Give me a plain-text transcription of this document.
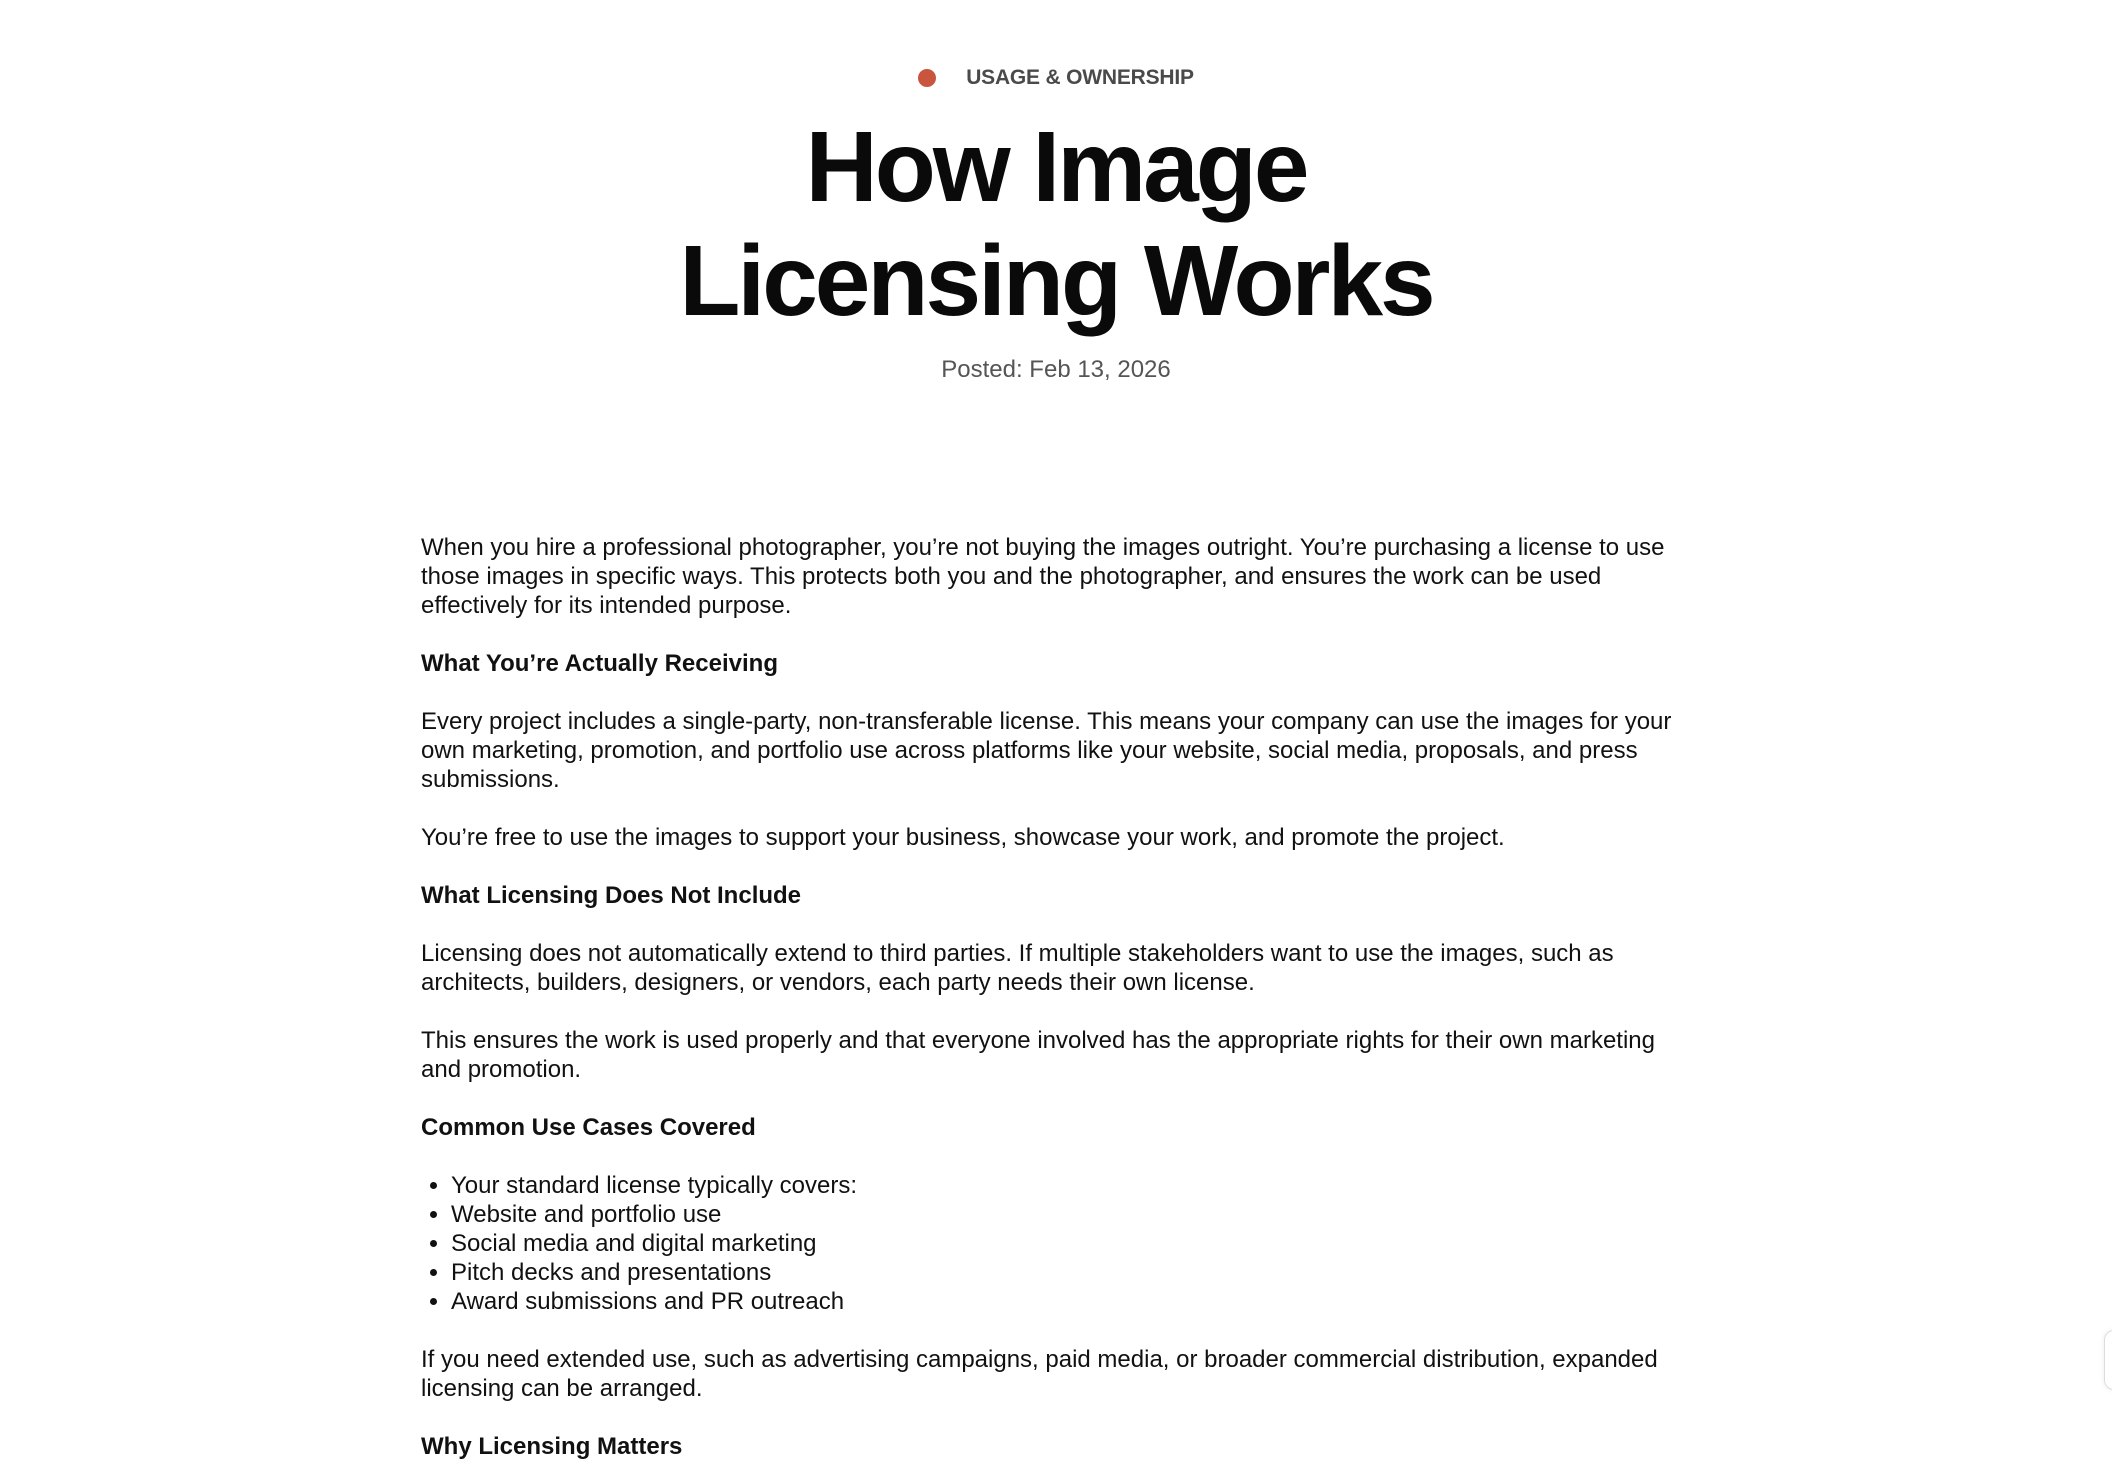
USAGE & OWNERSHIP
How Image
Licensing Works
Posted: Feb 13, 2026

When you hire a professional photographer, you’re not buying the images outright. You’re purchasing a license to use those images in specific ways. This protects both you and the photographer, and ensures the work can be used effectively for its intended purpose.

What You’re Actually Receiving

Every project includes a single-party, non-transferable license. This means your company can use the images for your own marketing, promotion, and portfolio use across platforms like your website, social media, proposals, and press submissions.

You’re free to use the images to support your business, showcase your work, and promote the project.

What Licensing Does Not Include

Licensing does not automatically extend to third parties. If multiple stakeholders want to use the images, such as architects, builders, designers, or vendors, each party needs their own license.

This ensures the work is used properly and that everyone involved has the appropriate rights for their own marketing and promotion.

Common Use Cases Covered
• Your standard license typically covers:
• Website and portfolio use
• Social media and digital marketing
• Pitch decks and presentations
• Award submissions and PR outreach

If you need extended use, such as advertising campaigns, paid media, or broader commercial distribution, expanded licensing can be arranged.

Why Licensing Matters
